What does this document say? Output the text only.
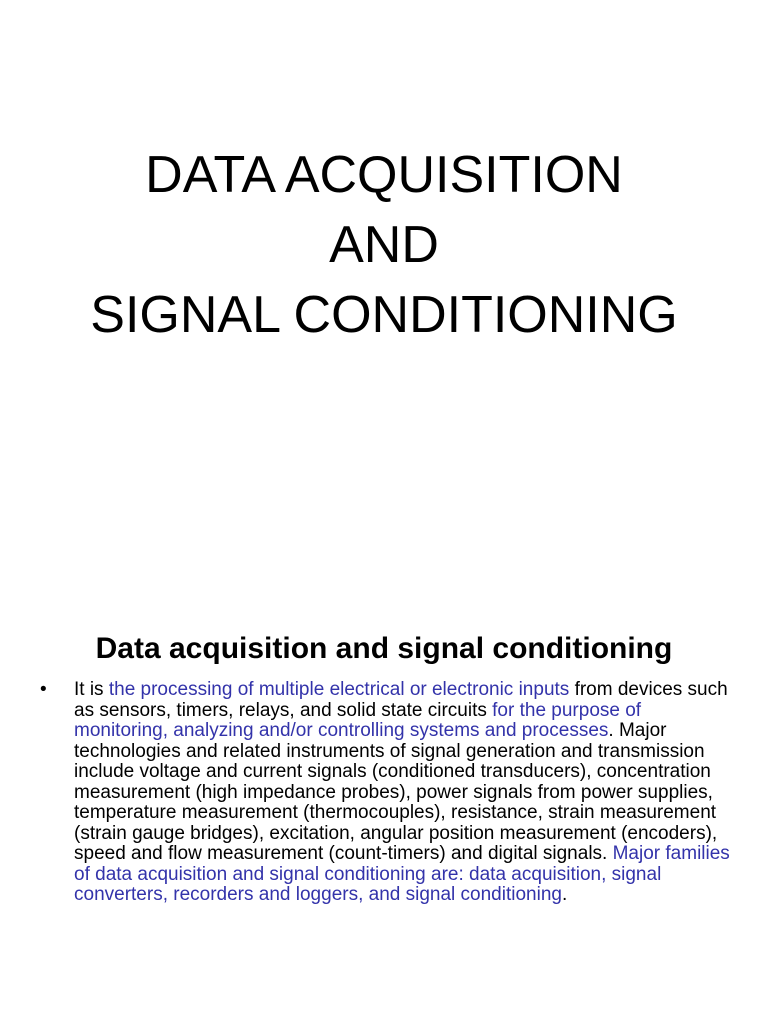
DATA ACQUISITION
AND
SIGNAL CONDITIONING
Data acquisition and signal conditioning
• It is the processing of multiple electrical or electronic inputs from devices such as sensors, timers, relays, and solid state circuits for the purpose of monitoring, analyzing and/or controlling systems and processes. Major technologies and related instruments of signal generation and transmission include voltage and current signals (conditioned transducers), concentration measurement (high impedance probes), power signals from power supplies, temperature measurement (thermocouples), resistance, strain measurement (strain gauge bridges), excitation, angular position measurement (encoders), speed and flow measurement (count-timers) and digital signals. Major families of data acquisition and signal conditioning are: data acquisition, signal converters, recorders and loggers, and signal conditioning.
